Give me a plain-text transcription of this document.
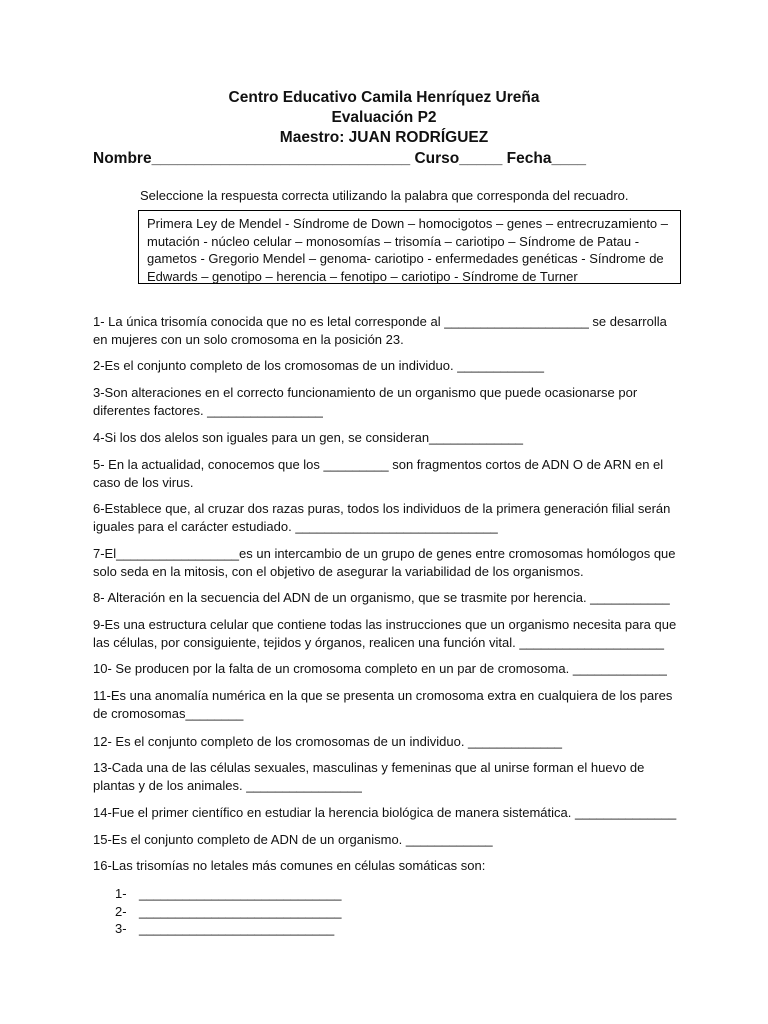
Centro Educativo Camila Henríquez Ureña
Evaluación P2
Maestro: JUAN RODRÍGUEZ
Nombre______________________________ Curso_____ Fecha____
Seleccione la respuesta correcta utilizando la palabra que corresponda del recuadro.
Primera Ley de Mendel - Síndrome de Down – homocigotos – genes – entrecruzamiento – mutación - núcleo celular – monosomías – trisomía – cariotipo – Síndrome de Patau - gametos - Gregorio Mendel – genoma- cariotipo - enfermedades genéticas - Síndrome de Edwards – genotipo – herencia – fenotipo – cariotipo - Síndrome de Turner
1- La única trisomía conocida que no es letal corresponde al ____________________ se desarrolla en mujeres con un solo cromosoma en la posición 23.
2-Es el conjunto completo de los cromosomas de un individuo. ____________
3-Son alteraciones en el correcto funcionamiento de un organismo que puede ocasionarse por diferentes factores. ________________
4-Si los dos alelos son iguales para un gen, se consideran_____________
5- En la actualidad, conocemos que los _________ son fragmentos cortos de ADN O de ARN en el caso de los virus.
6-Establece que, al cruzar dos razas puras, todos los individuos de la primera generación filial serán iguales para el carácter estudiado. ____________________________
7-El_________________es un intercambio de un grupo de genes entre cromosomas homólogos que solo seda en la mitosis, con el objetivo de asegurar la variabilidad de los organismos.
8- Alteración en la secuencia del ADN de un organismo, que se trasmite por herencia. ___________
9-Es una estructura celular que contiene todas las instrucciones que un organismo necesita para que las células, por consiguiente, tejidos y órganos, realicen una función vital. ____________________
10- Se producen por la falta de un cromosoma completo en un par de cromosoma. _____________
11-Es una anomalía numérica en la que se presenta un cromosoma extra en cualquiera de los pares de cromosomas________
12- Es el conjunto completo de los cromosomas de un individuo. _____________
13-Cada una de las células sexuales, masculinas y femeninas que al unirse forman el huevo de plantas y de los animales. ________________
14-Fue el primer científico en estudiar la herencia biológica de manera sistemática. ______________
15-Es el conjunto completo de ADN de un organismo. ____________
16-Las trisomías no letales más comunes en células somáticas son:
1- ____________________________
2- ____________________________
3- ___________________________
